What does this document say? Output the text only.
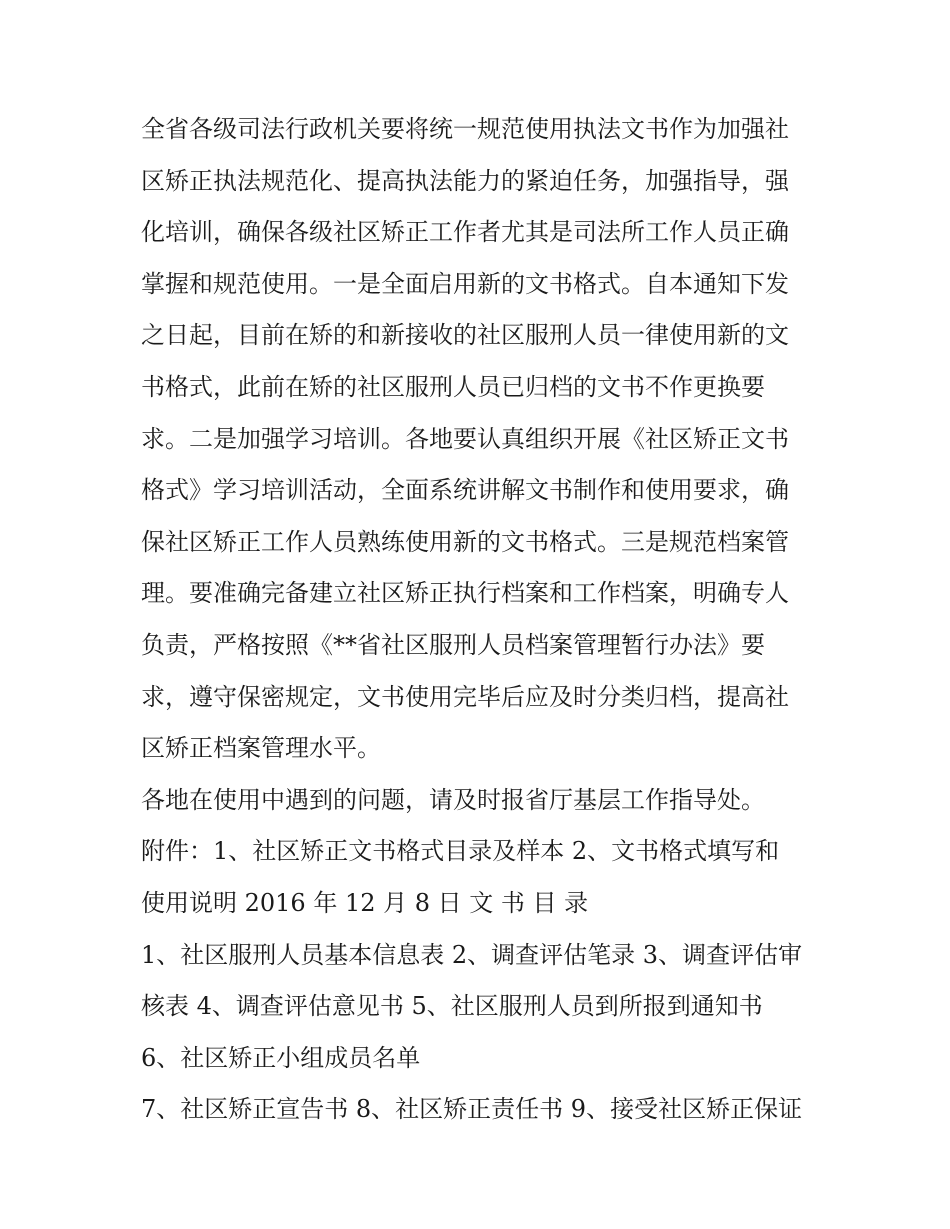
全省各级司法行政机关要将统一规范使用执法文书作为加强社
区矫正执法规范化、提高执法能力的紧迫任务，加强指导，强
化培训，确保各级社区矫正工作者尤其是司法所工作人员正确
掌握和规范使用。一是全面启用新的文书格式。自本通知下发
之日起，目前在矫的和新接收的社区服刑人员一律使用新的文
书格式，此前在矫的社区服刑人员已归档的文书不作更换要
求。二是加强学习培训。各地要认真组织开展《社区矫正文书
格式》学习培训活动，全面系统讲解文书制作和使用要求，确
保社区矫正工作人员熟练使用新的文书格式。三是规范档案管
理。要准确完备建立社区矫正执行档案和工作档案，明确专人
负责，严格按照《**省社区服刑人员档案管理暂行办法》要
求，遵守保密规定，文书使用完毕后应及时分类归档，提高社
区矫正档案管理水平。
各地在使用中遇到的问题，请及时报省厅基层工作指导处。
附件：1、社区矫正文书格式目录及样本 2、文书格式填写和
使用说明 2016 年 12 月 8 日 文 书 目 录
1、社区服刑人员基本信息表 2、调查评估笔录 3、调查评估审
核表 4、调查评估意见书 5、社区服刑人员到所报到通知书
6、社区矫正小组成员名单
7、社区矫正宣告书 8、社区矫正责任书 9、接受社区矫正保证
